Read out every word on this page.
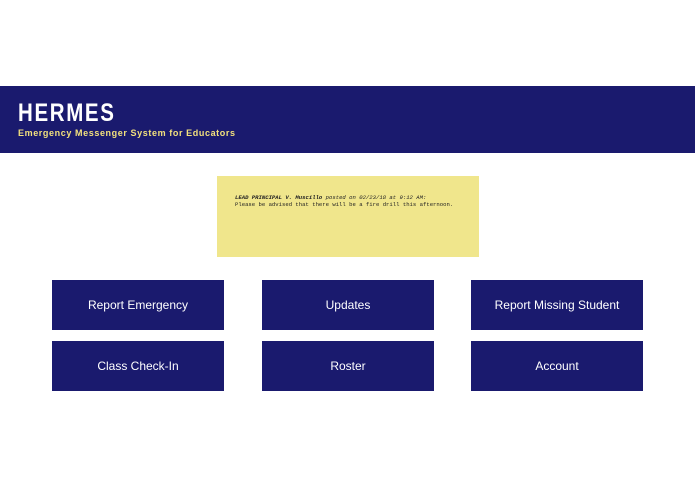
HERMES

Emergency Messenger System for Educators

LEAD PRINCIPAL V. Muscillo posted on 02/23/18 at 9:12 AM:
Please be advised that there will be a fire drill this afternoon.
Report Emergency	Updates	Report Missing Student
Class Check-In	Roster	Account
